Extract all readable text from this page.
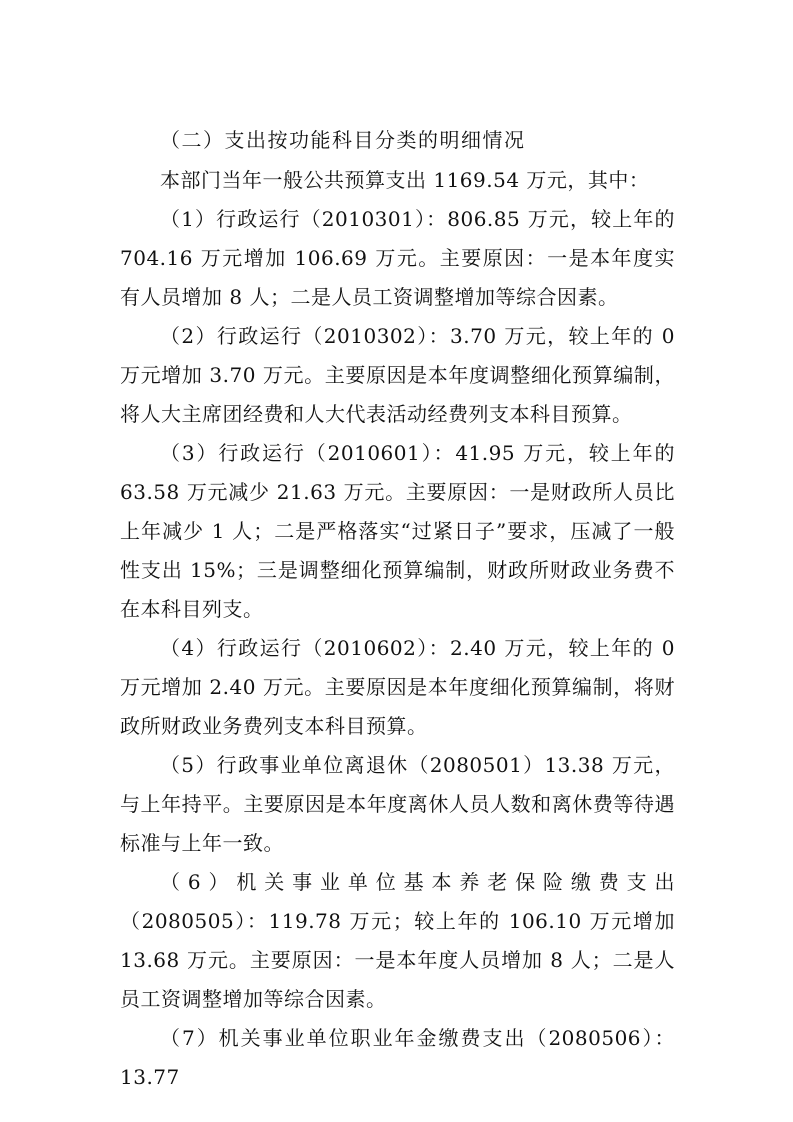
（二）支出按功能科目分类的明细情况

本部门当年一般公共预算支出 1169.54 万元，其中：

（1）行政运行（2010301）：806.85 万元，较上年的 704.16 万元增加 106.69 万元。主要原因：一是本年度实有人员增加 8 人；二是人员工资调整增加等综合因素。

（2）行政运行（2010302）：3.70 万元，较上年的 0 万元增加 3.70 万元。主要原因是本年度调整细化预算编制，将人大主席团经费和人大代表活动经费列支本科目预算。

（3）行政运行（2010601）：41.95 万元，较上年的 63.58 万元减少 21.63 万元。主要原因：一是财政所人员比上年减少 1 人；二是严格落实“过紧日子”要求，压减了一般性支出 15%；三是调整细化预算编制，财政所财政业务费不在本科目列支。

（4）行政运行（2010602）：2.40 万元，较上年的 0 万元增加 2.40 万元。主要原因是本年度细化预算编制，将财政所财政业务费列支本科目预算。

（5）行政事业单位离退休（2080501）13.38 万元，与上年持平。主要原因是本年度离休人员人数和离休费等待遇标准与上年一致。

（6）机关事业单位基本养老保险缴费支出（2080505）：119.78 万元；较上年的 106.10 万元增加 13.68 万元。主要原因：一是本年度人员增加 8 人；二是人员工资调整增加等综合因素。

（7）机关事业单位职业年金缴费支出（2080506）：13.77
